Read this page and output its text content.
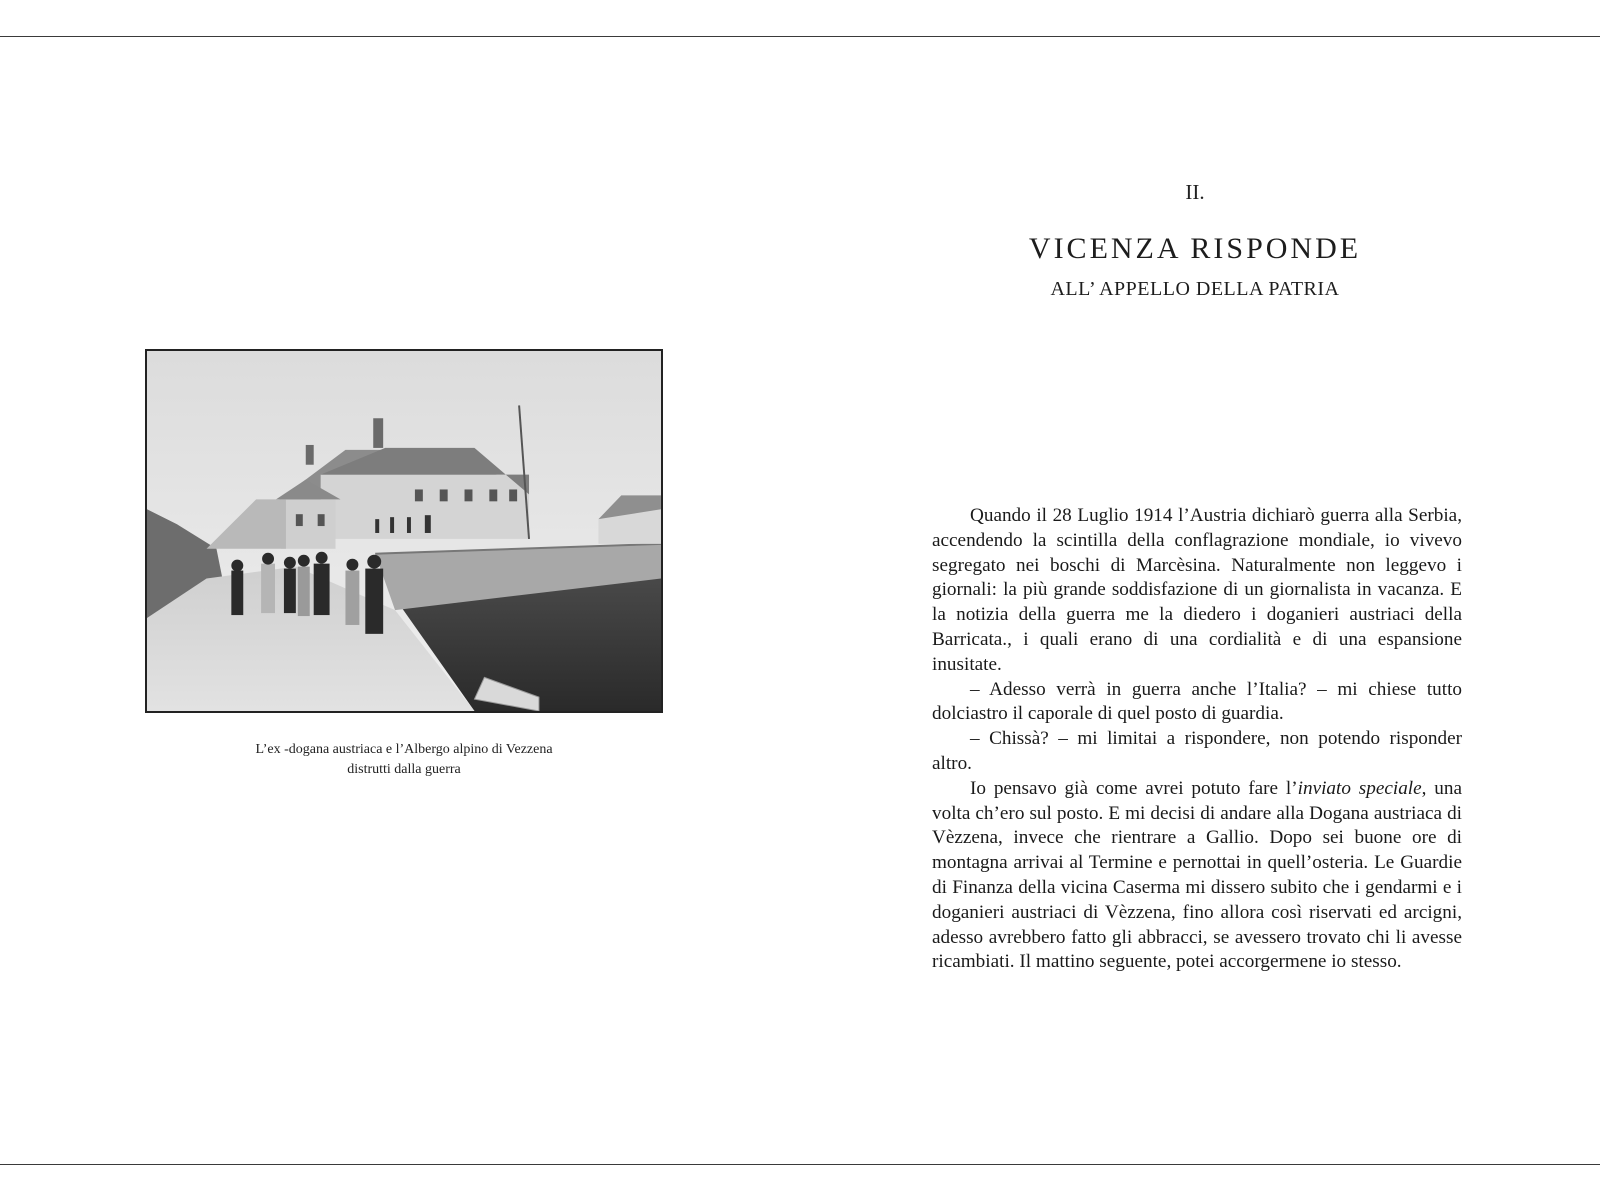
L’ex -dogana austriaca e l’Albergo alpino di Vezzena
distrutti dalla guerra
II.
VICENZA RISPONDE
ALL’ APPELLO DELLA PATRIA

Quando il 28 Luglio 1914 l’Austria dichiarò guerra alla Serbia, accendendo la scintilla della conflagrazione mondiale, io vivevo segregato nei boschi di Marcèsina. Naturalmente non leggevo i giornali: la più grande soddisfazione di un giornalista in vacanza. E la notizia della guerra me la diedero i doganieri austriaci della Barricata., i quali erano di una cordialità e di una espansione inusitate.

– Adesso verrà in guerra anche l’Italia? – mi chiese tutto dolciastro il caporale di quel posto di guardia.

– Chissà? – mi limitai a rispondere, non potendo risponder altro.

Io pensavo già come avrei potuto fare l’inviato speciale, una volta ch’ero sul posto. E mi decisi di andare alla Dogana austriaca di Vèzzena, invece che rientrare a Gallio. Dopo sei buone ore di montagna arrivai al Termine e pernottai in quell’osteria. Le Guardie di Finanza della vicina Caserma mi dissero subito che i gendarmi e i doganieri austriaci di Vèzzena, fino allora così riservati ed arcigni, adesso avrebbero fatto gli abbracci, se avessero trovato chi li avesse ricambiati. Il mattino seguente, potei accorgermene io stesso.
